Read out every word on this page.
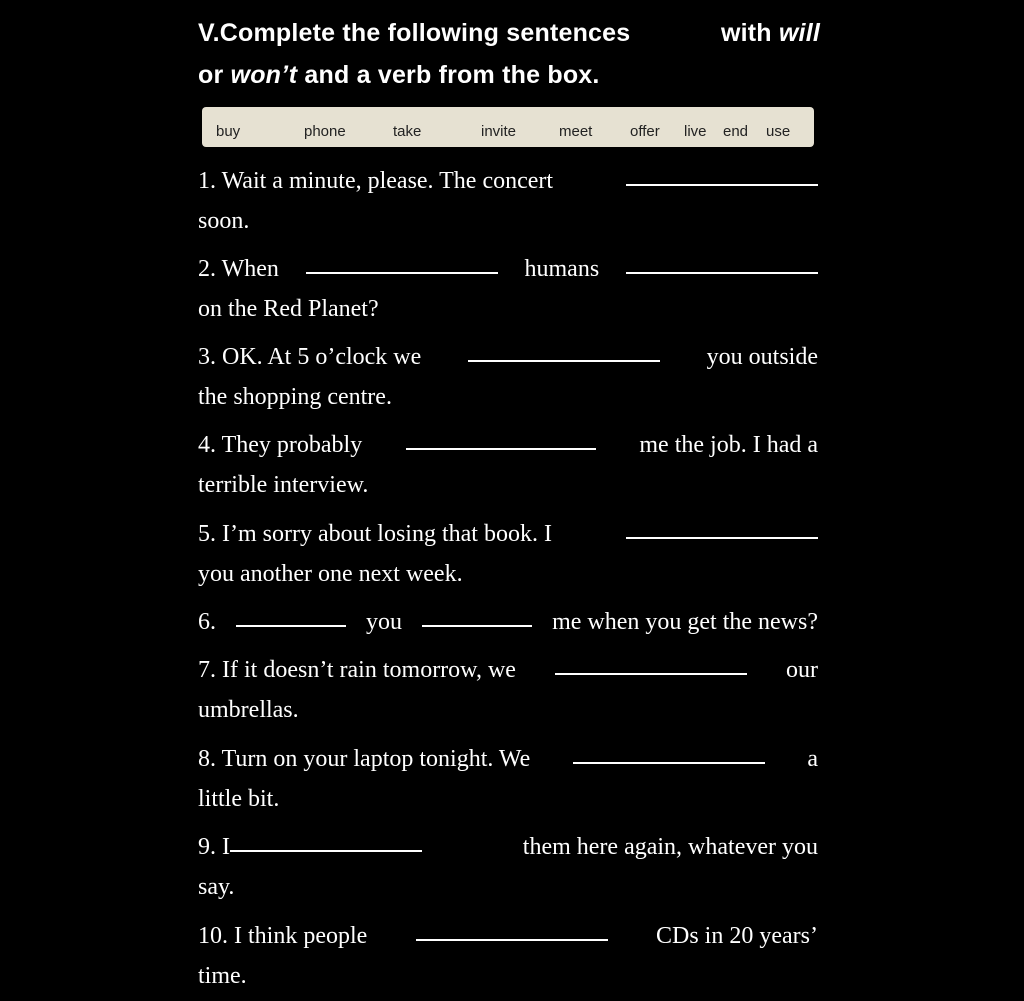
V.Complete the following sentences	with will
or won’t and a verb from the box.
buy	phone	take	invite	meet	offer live end use
1. Wait a minute, please. The concert
soon.
2. When	humans
on the Red Planet?
3. OK. At 5 o’clock we	you outside
the shopping centre.
4. They probably	me the job. I had a
terrible interview.
5. I’m sorry about losing that book. I
you another one next week.
6.	you	me when you get the news?
7. If it doesn’t rain tomorrow, we	our
umbrellas.
8. Turn on your laptop tonight. We	a
little bit.
9. I	them here again, whatever you
say.
10. I think people	CDs in 20 years’
time.
